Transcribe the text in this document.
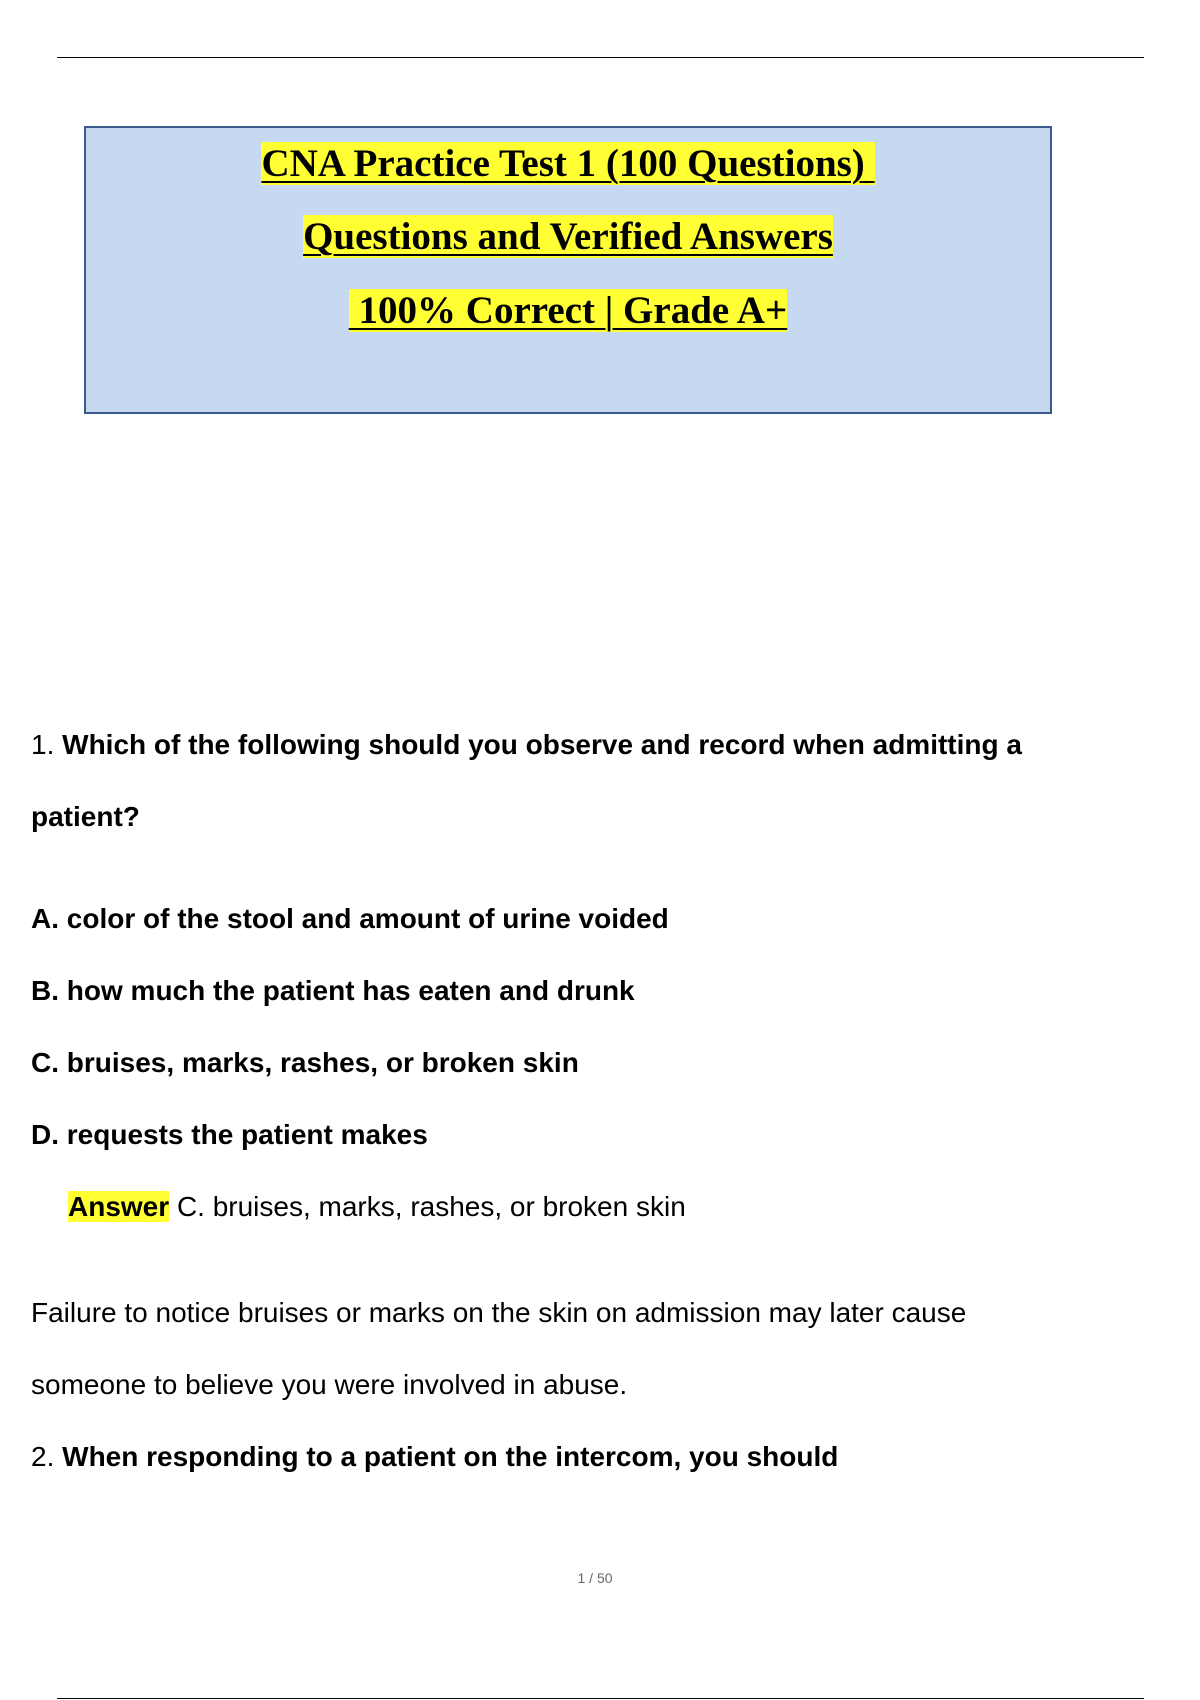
CNA Practice Test 1 (100 Questions)
Questions and Verified Answers
100% Correct | Grade A+
1. Which of the following should you observe and record when admitting a
patient?
A. color of the stool and amount of urine voided
B. how much the patient has eaten and drunk
C. bruises, marks, rashes, or broken skin
D. requests the patient makes
Answer C. bruises, marks, rashes, or broken skin
Failure to notice bruises or marks on the skin on admission may later cause
someone to believe you were involved in abuse.
2. When responding to a patient on the intercom, you should
1 / 50
